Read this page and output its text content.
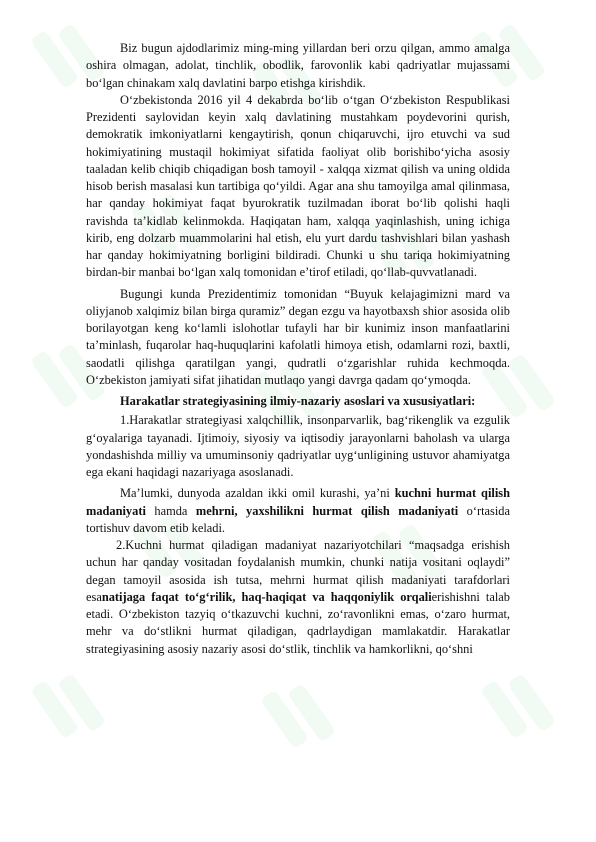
Biz bugun ajdodlarimiz ming-ming yillardan beri orzu qilgan, ammo amalga oshira olmagan, adolat, tinchlik, obodlik, farovonlik kabi qadriyatlar mujassami bo‘lgan chinakam xalq davlatini barpo etishga kirishdik.

O‘zbekistonda 2016 yil 4 dekabrda bo‘lib o‘tgan O‘zbekiston Respublikasi Prezidenti saylovidan keyin xalq davlatining mustahkam poydevorini qurish, demokratik imkoniyatlarni kengaytirish, qonun chiqaruvchi, ijro etuvchi va sud hokimiyatining mustaqil hokimiyat sifatida faoliyat olib borishibo‘yicha asosiy taaladan kelib chiqib chiqadigan bosh tamoyil - xalqqa xizmat qilish va uning oldida hisob berish masalasi kun tartibiga qo‘yildi. Agar ana shu tamoyilga amal qilinmasa, har qanday hokimiyat faqat byurokratik tuzilmadan iborat bo‘lib qolishi haqli ravishda ta’kidlab kelinmokda. Haqiqatan ham, xalqqa yaqinlashish, uning ichiga kirib, eng dolzarb muammolarini hal etish, elu yurt dardu tashvishlari bilan yashash har qanday hokimiyatning borligini bildiradi. Chunki u shu tariqa hokimiyatning birdan-bir manbai bo‘lgan xalq tomonidan e’tirof etiladi, qo‘llab-quvvatlanadi.

Bugungi kunda Prezidentimiz tomonidan “Buyuk kelajagimizni mard va oliyjanob xalqimiz bilan birga quramiz” degan ezgu va hayotbaxsh shior asosida olib borilayotgan keng ko‘lamli islohotlar tufayli har bir kunimiz inson manfaatlarini ta’minlash, fuqarolar haq-huquqlarini kafolatli himoya etish, odamlarni rozi, baxtli, saodatli qilishga qaratilgan yangi, qudratli o‘zgarishlar ruhida kechmoqda. O‘zbekiston jamiyati sifat jihatidan mutlaqo yangi davrga qadam qo‘ymoqda.

Harakatlar strategiyasining ilmiy-nazariy asoslari va xususiyatlari:

1.Harakatlar strategiyasi xalqchillik, insonparvarlik, bag‘rikenglik va ezgulik g‘oyalariga tayanadi. Ijtimoiy, siyosiy va iqtisodiy jarayonlarni baholash va ularga yondashishda milliy va umuminsoniy qadriyatlar uyg‘unligining ustuvor ahamiyatga ega ekani haqidagi nazariyaga asoslanadi.

Ma’lumki, dunyoda azaldan ikki omil kurashi, ya’ni kuchni hurmat qilish madaniyati hamda mehrni, yaxshilikni hurmat qilish madaniyati o‘rtasida tortishuv davom etib keladi.

2.Kuchni hurmat qiladigan madaniyat nazariyotchilari “maqsadga erishish uchun har qanday vositadan foydalanish mumkin, chunki natija vositani oqlaydi” degan tamoyil asosida ish tutsa, mehrni hurmat qilish madaniyati tarafdorlari esanatijaga faqat to‘g‘rilik, haq-haqiqat va haqqoniylik orqalierishishni talab etadi. O‘zbekiston tazyiq o‘tkazuvchi kuchni, zo‘ravonlikni emas, o‘zaro hurmat, mehr va do‘stlikni hurmat qiladigan, qadrlaydigan mamlakatdir. Harakatlar strategiyasining asosiy nazariy asosi do‘stlik, tinchlik va hamkorlikni, qo‘shni
